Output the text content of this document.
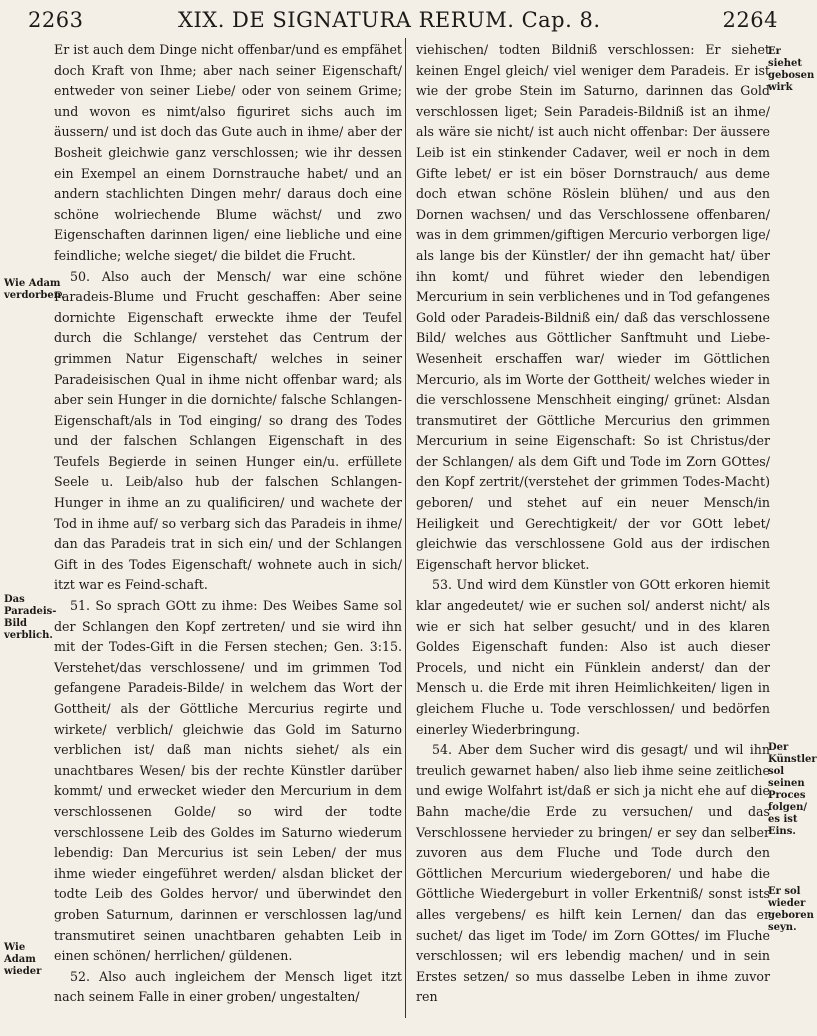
2263	XIX. DE SIGNATURA RERUM. Cap. 8.	2264

Er ist auch dem Dinge nicht offenbar/und es empfähet doch Kraft von Ihme; aber nach seiner Eigenschaft/ entweder von seiner Liebe/ oder von seinem Grime; und wovon es nimt/also figuriret sichs auch im äussern/ und ist doch das Gute auch in ihme/ aber der Bosheit gleichwie ganz verschlossen; wie ihr dessen ein Exempel an einem Dornstrauche habet/ und an andern stachlichten Dingen mehr/ daraus doch eine schöne wolriechende Blume wächst/ und zwo Eigenschaften darinnen ligen/ eine liebliche und eine feindliche; welche sieget/ die bildet die Frucht.

50. Also auch der Mensch/ war eine schöne Paradeis-Blume und Frucht geschaffen: Aber seine dornichte Eigenschaft erweckte ihme der Teufel durch die Schlange/ verstehet das Centrum der grimmen Natur Eigenschaft/ welches in seiner Paradeisischen Qual in ihme nicht offenbar ward; als aber sein Hunger in die dornichte/ falsche Schlangen-Eigenschaft/als in Tod einging/ so drang des Todes und der falschen Schlangen Eigenschaft in des Teufels Begierde in seinen Hunger ein/u. erfüllete Seele u. Leib/also hub der falschen Schlangen-Hunger in ihme an zu qualificiren/ und wachete der Tod in ihme auf/ so verbarg sich das Paradeis in ihme/ dan das Paradeis trat in sich ein/ und der Schlangen Gift in des Todes Eigenschaft/ wohnete auch in sich/ itzt war es Feind-schaft.

51. So sprach GOtt zu ihme: Des Weibes Same sol der Schlangen den Kopf zertreten/ und sie wird ihn mit der Todes-Gift in die Fersen stechen; Gen. 3:15. Verstehet/das verschlossene/ und im grimmen Tod gefangene Paradeis-Bilde/ in welchem das Wort der Gottheit/ als der Göttliche Mercurius regirte und wirkete/ verblich/ gleichwie das Gold im Saturno verblichen ist/ daß man nichts siehet/ als ein unachtbares Wesen/ bis der rechte Künstler darüber kommt/ und erwecket wieder den Mercurium in dem verschlossenen Golde/ so wird der todte verschlossene Leib des Goldes im Saturno wiederum lebendig: Dan Mercurius ist sein Leben/ der mus ihme wieder eingeführet werden/ alsdan blicket der todte Leib des Goldes hervor/ und überwindet den groben Saturnum, darinnen er verschlossen lag/und transmutiret seinen unachtbaren gehabten Leib in einen schönen/ herrlichen/ güldenen.

52. Also auch ingleichem der Mensch liget itzt nach seinem Falle in einer groben/ ungestalten/

viehischen/ todten Bildniß verschlossen: Er siehet keinen Engel gleich/ viel weniger dem Paradeis. Er ist wie der grobe Stein im Saturno, darinnen das Gold verschlossen liget; Sein Paradeis-Bildniß ist an ihme/ als wäre sie nicht/ ist auch nicht offenbar: Der äussere Leib ist ein stinkender Cadaver, weil er noch in dem Gifte lebet/ er ist ein böser Dornstrauch/ aus deme doch etwan schöne Röslein blühen/ und aus den Dornen wachsen/ und das Verschlossene offenbaren/ was in dem grimmen/giftigen Mercurio verborgen lige/ als lange bis der Künstler/ der ihn gemacht hat/ über ihn komt/ und führet wieder den lebendigen Mercurium in sein verblichenes und in Tod gefangenes Gold oder Paradeis-Bildniß ein/ daß das verschlossene Bild/ welches aus Göttlicher Sanftmuht und Liebe-Wesenheit erschaffen war/ wieder im Göttlichen Mercurio, als im Worte der Gottheit/ welches wieder in die verschlossene Menschheit einging/ grünet: Alsdan transmutiret der Göttliche Mercurius den grimmen Mercurium in seine Eigenschaft: So ist Christus/der der Schlangen/ als dem Gift und Tode im Zorn GOttes/ den Kopf zertrit/(verstehet der grimmen Todes-Macht) geboren/ und stehet auf ein neuer Mensch/in Heiligkeit und Gerechtigkeit/ der vor GOtt lebet/ gleichwie das verschlossene Gold aus der irdischen Eigenschaft hervor blicket.

53. Und wird dem Künstler von GOtt erkoren hiemit klar angedeutet/ wie er suchen sol/ anderst nicht/ als wie er sich hat selber gesucht/ und in des klaren Goldes Eigenschaft funden: Also ist auch dieser Procels, und nicht ein Fünklein anderst/ dan der Mensch u. die Erde mit ihren Heimlichkeiten/ ligen in gleichem Fluche u. Tode verschlossen/ und bedörfen einerley Wiederbringung.

54. Aber dem Sucher wird dis gesagt/ und wil ihn treulich gewarnet haben/ also lieb ihme seine zeitliche und ewige Wolfahrt ist/daß er sich ja nicht ehe auf die Bahn mache/die Erde zu versuchen/ und das Verschlossene hervieder zu bringen/ er sey dan selber zuvoren aus dem Fluche und Tode durch den Göttlichen Mercurium wiedergeboren/ und habe die Göttliche Wiedergeburt in voller Erkentniß/ sonst ists alles vergebens/ es hilft kein Lernen/ dan das er suchet/ das liget im Tode/ im Zorn GOttes/ im Fluche verschlossen; wil ers lebendig machen/ und in sein Erstes setzen/ so mus dasselbe Leben in ihme zuvor ren

Wie Adam verdorben.
Das Paradeis-Bild verblich.
Wie Adam wieder
Er siehet gebosen wirk
Der Künstler sol seinen Proces folgen/ es ist Eins.
Er sol wieder geboren seyn.
